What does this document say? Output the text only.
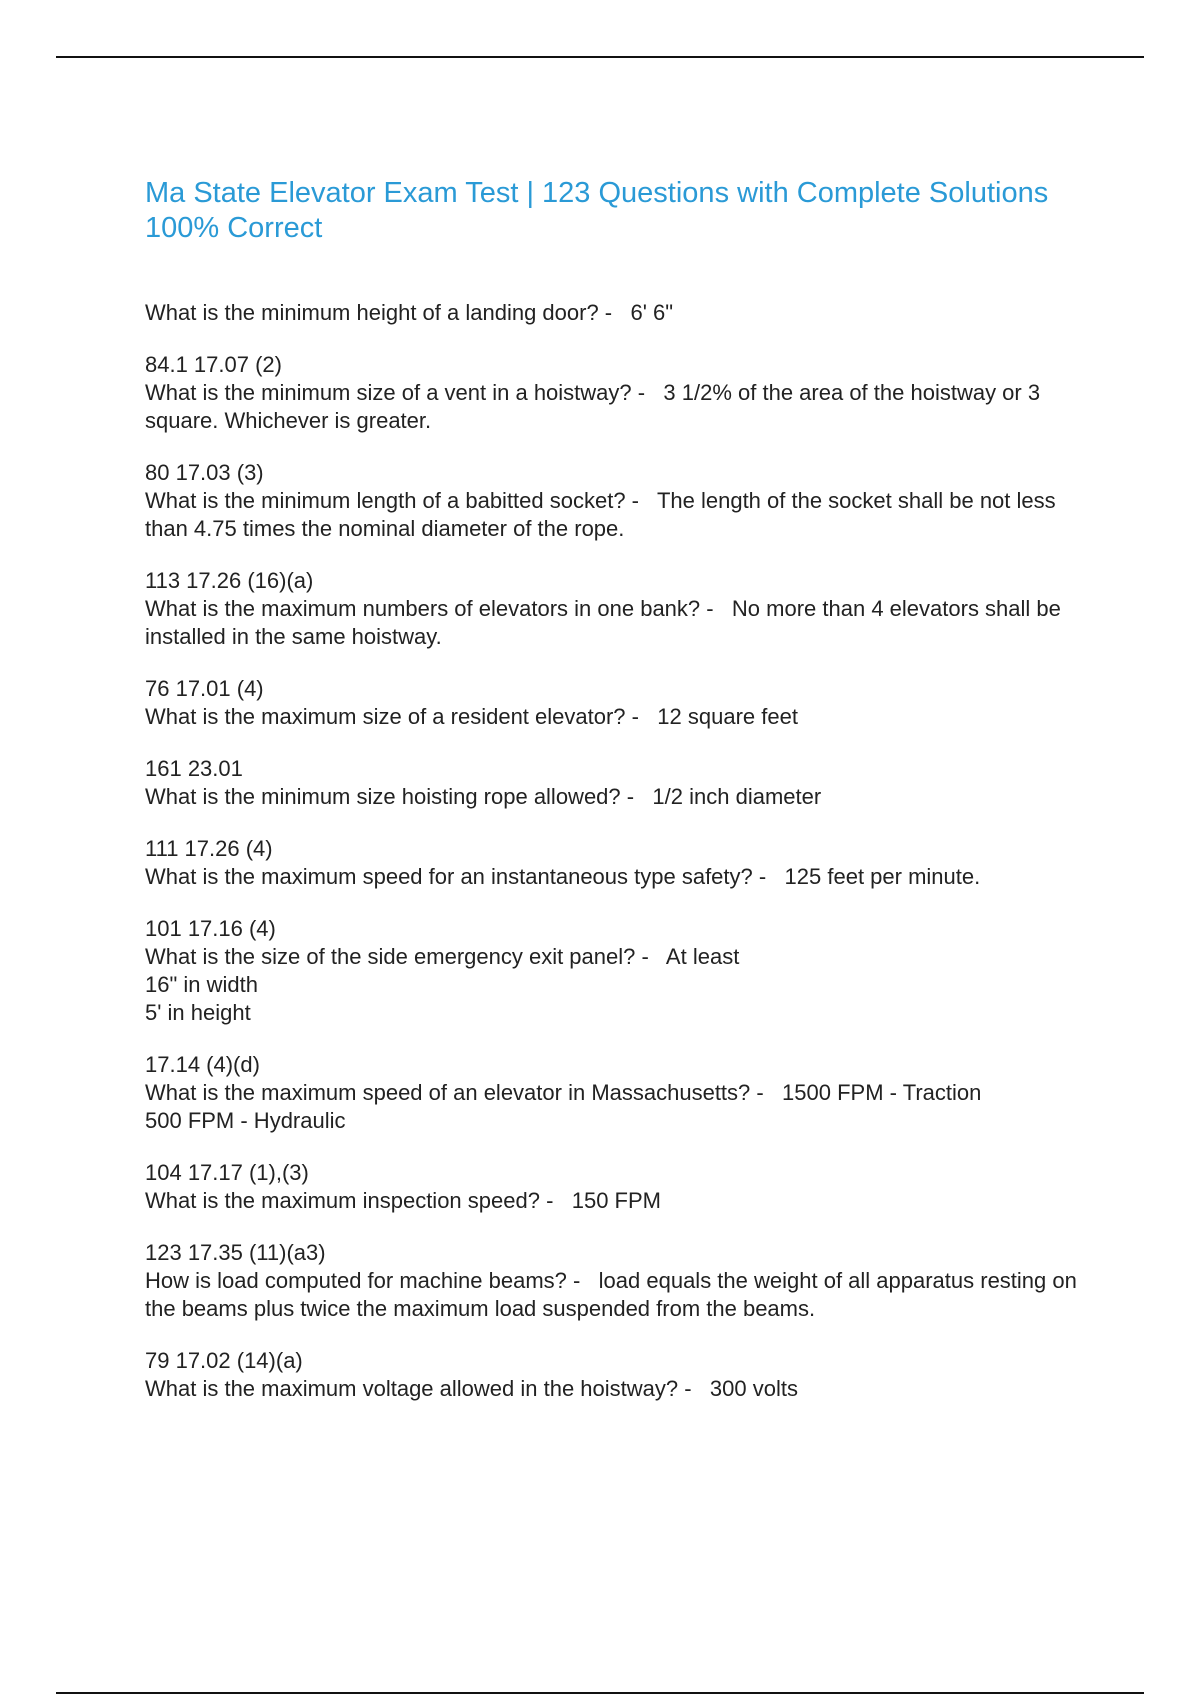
Ma State Elevator Exam Test | 123 Questions with Complete Solutions 100% Correct
What is the minimum height of a landing door? -   6' 6"
84.1 17.07 (2)
What is the minimum size of a vent in a hoistway? -   3 1/2% of the area of the hoistway or 3 square. Whichever is greater.
80 17.03 (3)
What is the minimum length of a babitted socket? -   The length of the socket shall be not less than 4.75 times the nominal diameter of the rope.
113 17.26 (16)(a)
What is the maximum numbers of elevators in one bank? -   No more than 4 elevators shall be installed in the same hoistway.
76 17.01 (4)
What is the maximum size of a resident elevator? -   12 square feet
161 23.01
What is the minimum size hoisting rope allowed? -   1/2 inch diameter
111 17.26 (4)
What is the maximum speed for an instantaneous type safety? -   125 feet per minute.
101 17.16 (4)
What is the size of the side emergency exit panel? -   At least
16" in width
5' in height
17.14 (4)(d)
What is the maximum speed of an elevator in Massachusetts? -   1500 FPM - Traction
500 FPM - Hydraulic
104 17.17 (1),(3)
What is the maximum inspection speed? -   150 FPM
123 17.35 (11)(a3)
How is load computed for machine beams? -   load equals the weight of all apparatus resting on the beams plus twice the maximum load suspended from the beams.
79 17.02 (14)(a)
What is the maximum voltage allowed in the hoistway? -   300 volts
